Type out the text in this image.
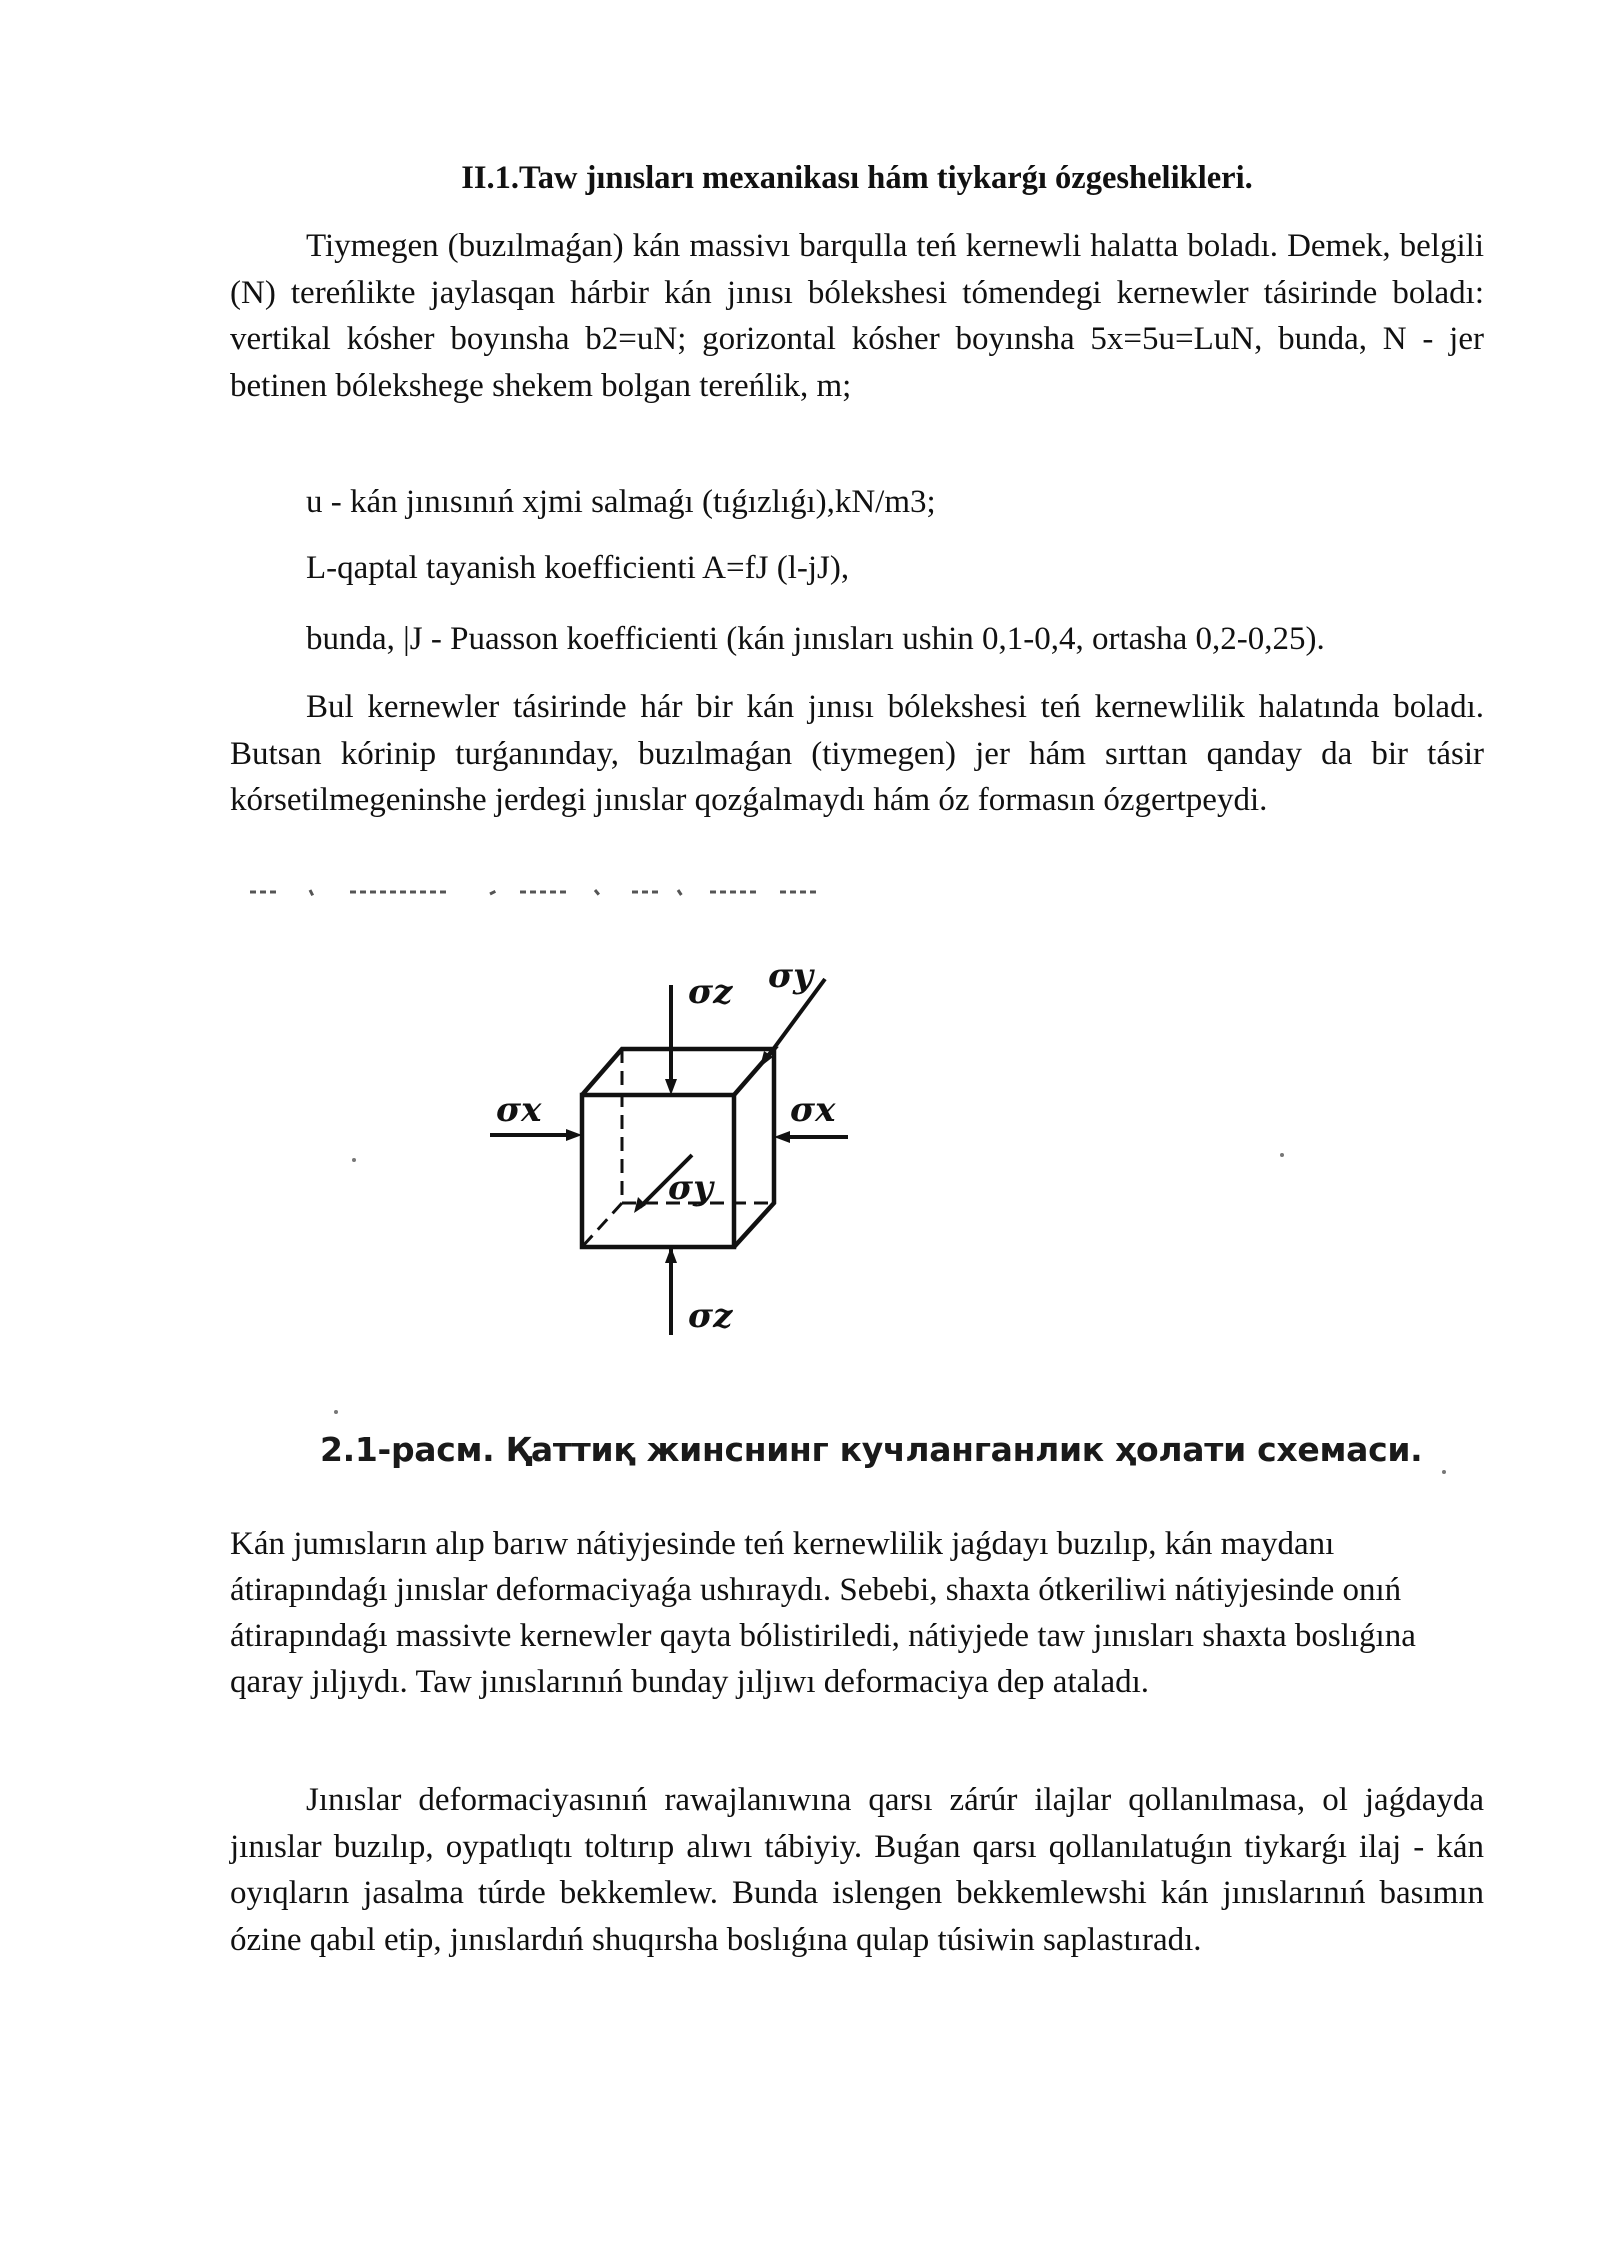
II.1.Taw jınısları mexanikası hám tiykarǵı ózgeshelikleri.

Tiymegen (buzılmaǵan) kán massivı barqulla teń kernewli halatta boladı. Demek, belgili (N) tereńlikte jaylasqan hárbir kán jınısı bólekshesi tómendegi kernewler tásirinde boladı: vertikal kósher boyınsha b2=uN; gorizontal kósher boyınsha 5x=5u=LuN, bunda, N - jer betinen bólekshege shekem bolgan tereńlik, m;

u - kán jınısınıń xjmi salmaǵı (tıǵızlıǵı),kN/m3;

L-qaptal tayanish koefficienti A=fJ (l-jJ),

bunda, |J - Puasson koefficienti (kán jınısları ushin 0,1-0,4, ortasha 0,2-0,25).

Bul kernewler tásirinde hár bir kán jınısı bólekshesi teń kernewlilik halatında boladı. Butsan kórinip turǵanınday, buzılmaǵan (tiymegen) jer hám sırttan qanday da bir tásir kórsetilmegeninshe jerdegi jınıslar qozǵalmaydı hám óz formasın ózgertpeydi.

σz σy
σx	σx
σy
σz
2.1-расм. Қаттиқ жинснинг кучланганлик ҳолати схемаси.

Kán jumısların alıp barıw nátiyjesinde teń kernewlilik jaǵdayı buzılıp, kán maydanı átirapındaǵı jınıslar deformaciyaǵa ushıraydı. Sebebi, shaxta ótkeriliwi nátiyjesinde onıń átirapındaǵı massivte kernewler qayta bólistiriledi, nátiyjede taw jınısları shaxta boslıǵına qaray jıljıydı. Taw jınıslarınıń bunday jıljıwı deformaciya dep ataladı.

Jınıslar deformaciyasınıń rawajlanıwına qarsı zárúr ilajlar qollanılmasa, ol jaǵdayda jınıslar buzılıp, oypatlıqtı toltırıp alıwı tábiyiy. Buǵan qarsı qollanılatuǵın tiykarǵı ilaj - kán oyıqların jasalma túrde bekkemlew. Bunda islengen bekkemlewshi kán jınıslarınıń basımın ózine qabıl etip, jınıslardıń shuqırsha boslıǵına qulap túsiwin saplastıradı.
